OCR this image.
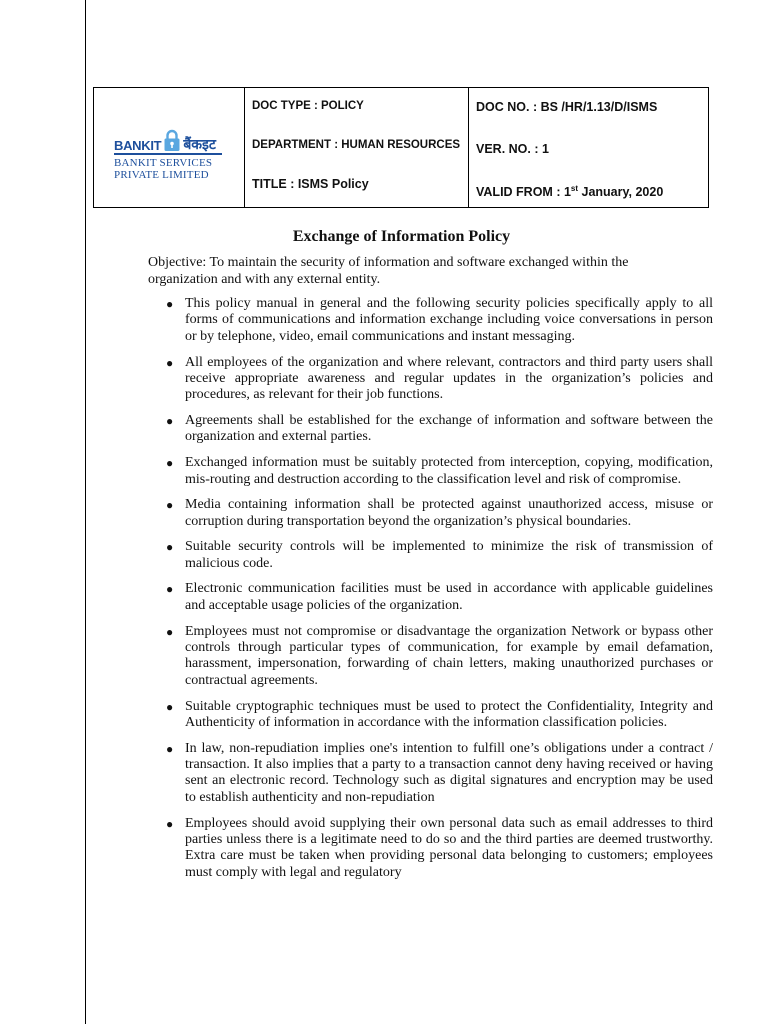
BANKIT बैंकइट
BANKIT SERVICES
PRIVATE LIMITED
DOC TYPE : POLICY
DEPARTMENT : HUMAN RESOURCES
TITLE : ISMS Policy
DOC NO. : BS /HR/1.13/D/ISMS
VER. NO. : 1
VALID FROM : 1st January, 2020
Exchange of Information Policy
Objective: To maintain the security of information and software exchanged within the organization and with any external entity.
● This policy manual in general and the following security policies specifically apply to all forms of communications and information exchange including voice conversations in person or by telephone, video, email communications and instant messaging.
● All employees of the organization and where relevant, contractors and third party users shall receive appropriate awareness and regular updates in the organization’s policies and procedures, as relevant for their job functions.
● Agreements shall be established for the exchange of information and software between the organization and external parties.
● Exchanged information must be suitably protected from interception, copying, modification, mis-routing and destruction according to the classification level and risk of compromise.
● Media containing information shall be protected against unauthorized access, misuse or corruption during transportation beyond the organization’s physical boundaries.
● Suitable security controls will be implemented to minimize the risk of transmission of malicious code.
● Electronic communication facilities must be used in accordance with applicable guidelines and acceptable usage policies of the organization.
● Employees must not compromise or disadvantage the organization Network or bypass other controls through particular types of communication, for example by email defamation, harassment, impersonation, forwarding of chain letters, making unauthorized purchases or contractual agreements.
● Suitable cryptographic techniques must be used to protect the Confidentiality, Integrity and Authenticity of information in accordance with the information classification policies.
● In law, non-repudiation implies one's intention to fulfill one’s obligations under a contract / transaction. It also implies that a party to a transaction cannot deny having received or having sent an electronic record. Technology such as digital signatures and encryption may be used to establish authenticity and non-repudiation
● Employees should avoid supplying their own personal data such as email addresses to third parties unless there is a legitimate need to do so and the third parties are deemed trustworthy. Extra care must be taken when providing personal data belonging to customers; employees must comply with legal and regulatory
